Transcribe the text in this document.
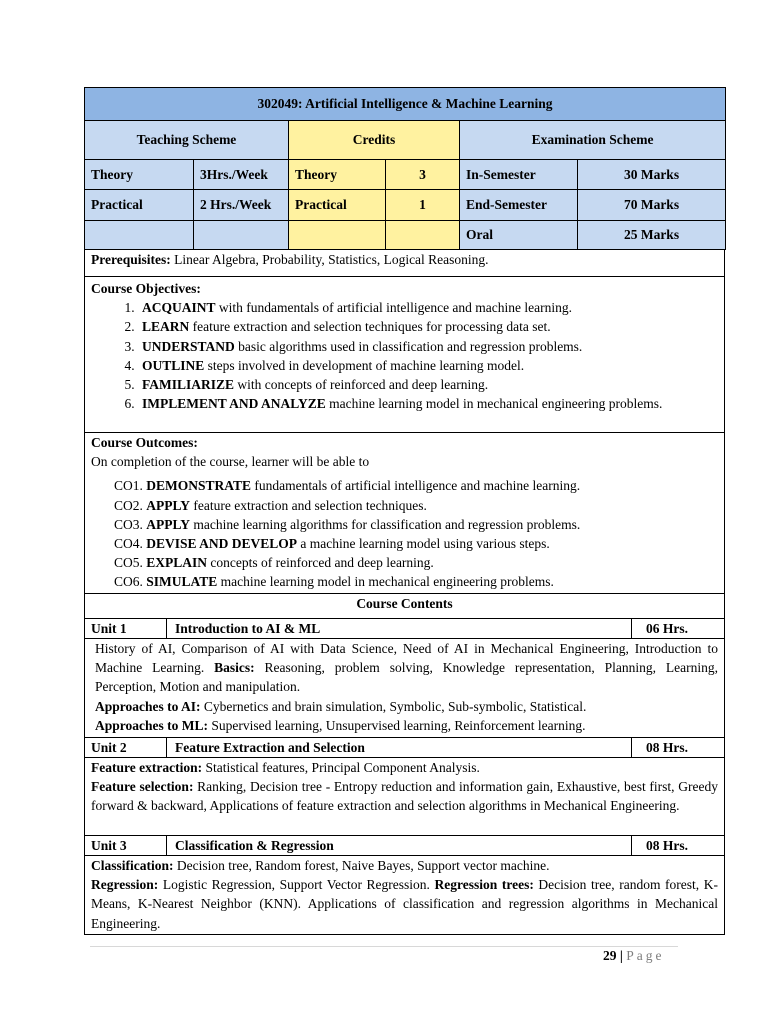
302049: Artificial Intelligence & Machine Learning					
Teaching Scheme		Credits		Examination Scheme	
Theory	3Hrs./Week	Theory	3	In-Semester	30 Marks
Practical	2 Hrs./Week	Practical	1	End-Semester	70 Marks
				Oral	25 Marks
Prerequisites: Linear Algebra, Probability, Statistics, Logical Reasoning.
Course Objectives:
1. ACQUAINT with fundamentals of artificial intelligence and machine learning.
2. LEARN feature extraction and selection techniques for processing data set.
3. UNDERSTAND basic algorithms used in classification and regression problems.
4. OUTLINE steps involved in development of machine learning model.
5. FAMILIARIZE with concepts of reinforced and deep learning.
6. IMPLEMENT AND ANALYZE machine learning model in mechanical engineering problems.
Course Outcomes:
On completion of the course, learner will be able to
CO1. DEMONSTRATE fundamentals of artificial intelligence and machine learning.
CO2. APPLY feature extraction and selection techniques.
CO3. APPLY machine learning algorithms for classification and regression problems.
CO4. DEVISE AND DEVELOP a machine learning model using various steps.
CO5. EXPLAIN concepts of reinforced and deep learning.
CO6. SIMULATE machine learning model in mechanical engineering problems.
Course Contents
Unit 1	Introduction to AI & ML	06 Hrs.
History of AI, Comparison of AI with Data Science, Need of AI in Mechanical Engineering, Introduction to Machine Learning. Basics: Reasoning, problem solving, Knowledge representation, Planning, Learning, Perception, Motion and manipulation.
Approaches to AI: Cybernetics and brain simulation, Symbolic, Sub-symbolic, Statistical.
Approaches to ML: Supervised learning, Unsupervised learning, Reinforcement learning.
Unit 2	Feature Extraction and Selection	08 Hrs.
Feature extraction: Statistical features, Principal Component Analysis.
Feature selection: Ranking, Decision tree - Entropy reduction and information gain, Exhaustive, best first, Greedy forward & backward, Applications of feature extraction and selection algorithms in Mechanical Engineering.
Unit 3	Classification & Regression	08 Hrs.
Classification: Decision tree, Random forest, Naive Bayes, Support vector machine.
Regression: Logistic Regression, Support Vector Regression. Regression trees: Decision tree, random forest, K-Means, K-Nearest Neighbor (KNN). Applications of classification and regression algorithms in Mechanical Engineering.
29 | Page
